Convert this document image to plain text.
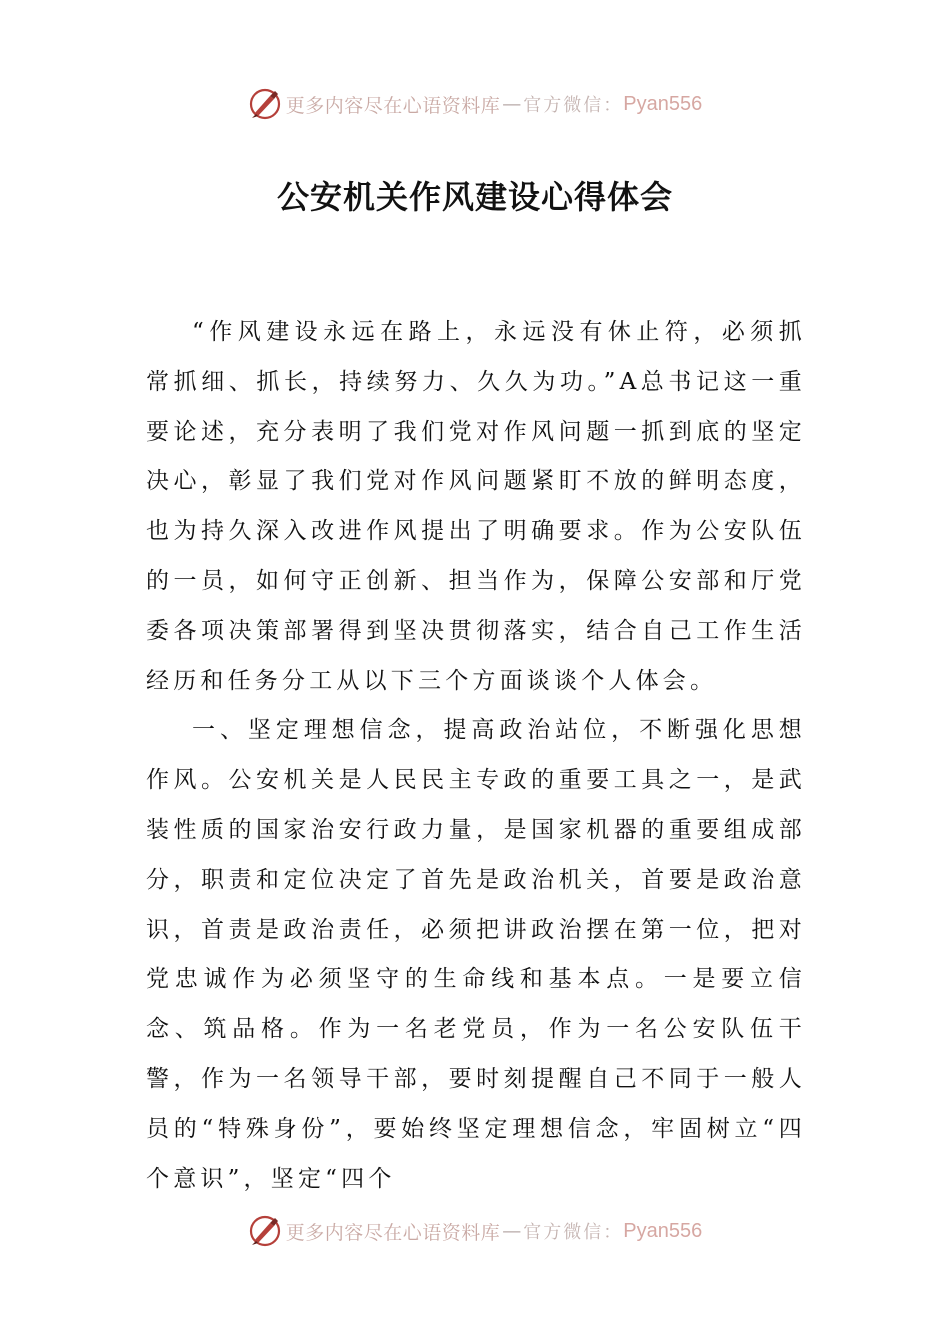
更多内容尽在心语资料库 — 官方微信： Pyan556
公安机关作风建设心得体会

“作风建设永远在路上，永远没有休止符，必须抓常抓细、抓长，持续努力、久久为功。”A总书记这一重要论述，充分表明了我们党对作风问题一抓到底的坚定决心，彰显了我们党对作风问题紧盯不放的鲜明态度，也为持久深入改进作风提出了明确要求。作为公安队伍的一员，如何守正创新、担当作为，保障公安部和厅党委各项决策部署得到坚决贯彻落实，结合自己工作生活经历和任务分工从以下三个方面谈谈个人体会。

一、坚定理想信念，提高政治站位，不断强化思想作风。公安机关是人民民主专政的重要工具之一，是武装性质的国家治安行政力量，是国家机器的重要组成部分，职责和定位决定了首先是政治机关，首要是政治意识，首责是政治责任，必须把讲政治摆在第一位，把对党忠诚作为必须坚守的生命线和基本点。一是要立信念、筑品格。作为一名老党员，作为一名公安队伍干警，作为一名领导干部，要时刻提醒自己不同于一般人员的“特殊身份”，要始终坚定理想信念，牢固树立“四个意识”，坚定“四个

更多内容尽在心语资料库 — 官方微信： Pyan556
